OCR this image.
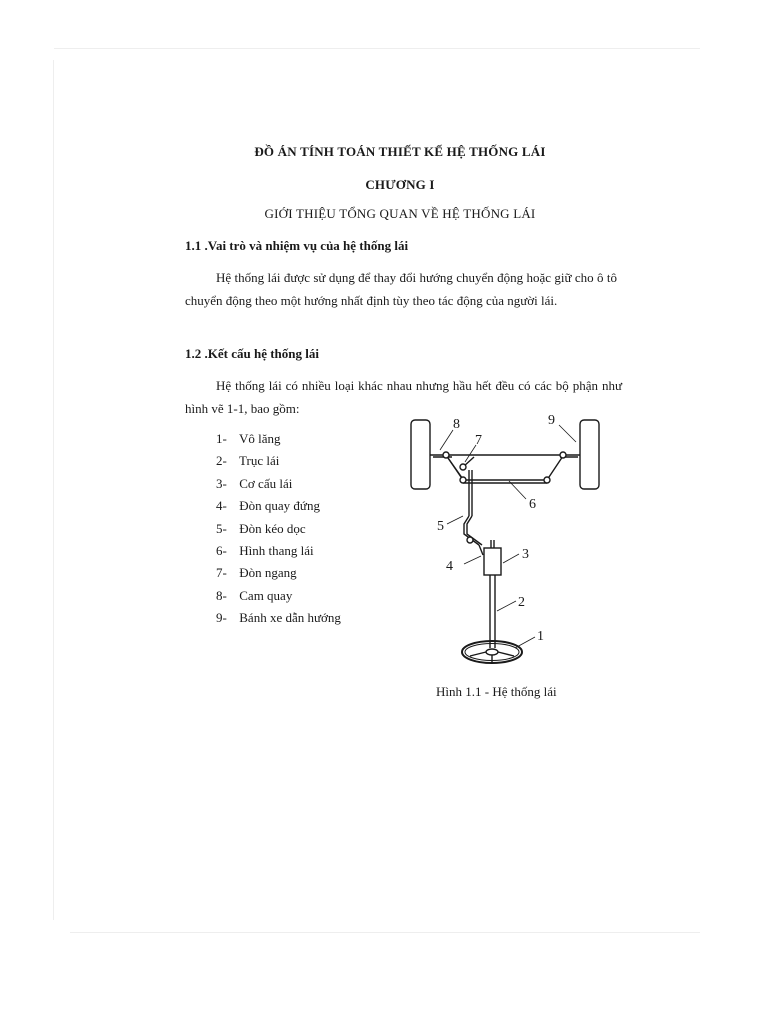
ĐỒ ÁN TÍNH TOÁN THIẾT KẾ HỆ THỐNG LÁI
CHƯƠNG I
GIỚI THIỆU TỔNG QUAN VỀ HỆ THỐNG LÁI
1.1 .Vai trò và nhiệm vụ của hệ thống lái
Hệ thống lái được sử dụng để thay đổi hướng chuyển động hoặc giữ cho ô tô chuyển động theo một hướng nhất định tùy theo tác động của người lái.
1.2 .Kết cấu hệ thống lái
Hệ thống lái có nhiều loại khác nhau nhưng hầu hết đều có các bộ phận như hình vẽ 1-1, bao gồm:
1- Vô lăng
2- Trục lái
3- Cơ cấu lái
4- Đòn quay đứng
5- Đòn kéo dọc
6- Hình thang lái
7- Đòn ngang
8- Cam quay
9- Bánh xe dẫn hướng
1
2
3
4
5
6
7
8	9
Hình 1.1 - Hệ thống lái
